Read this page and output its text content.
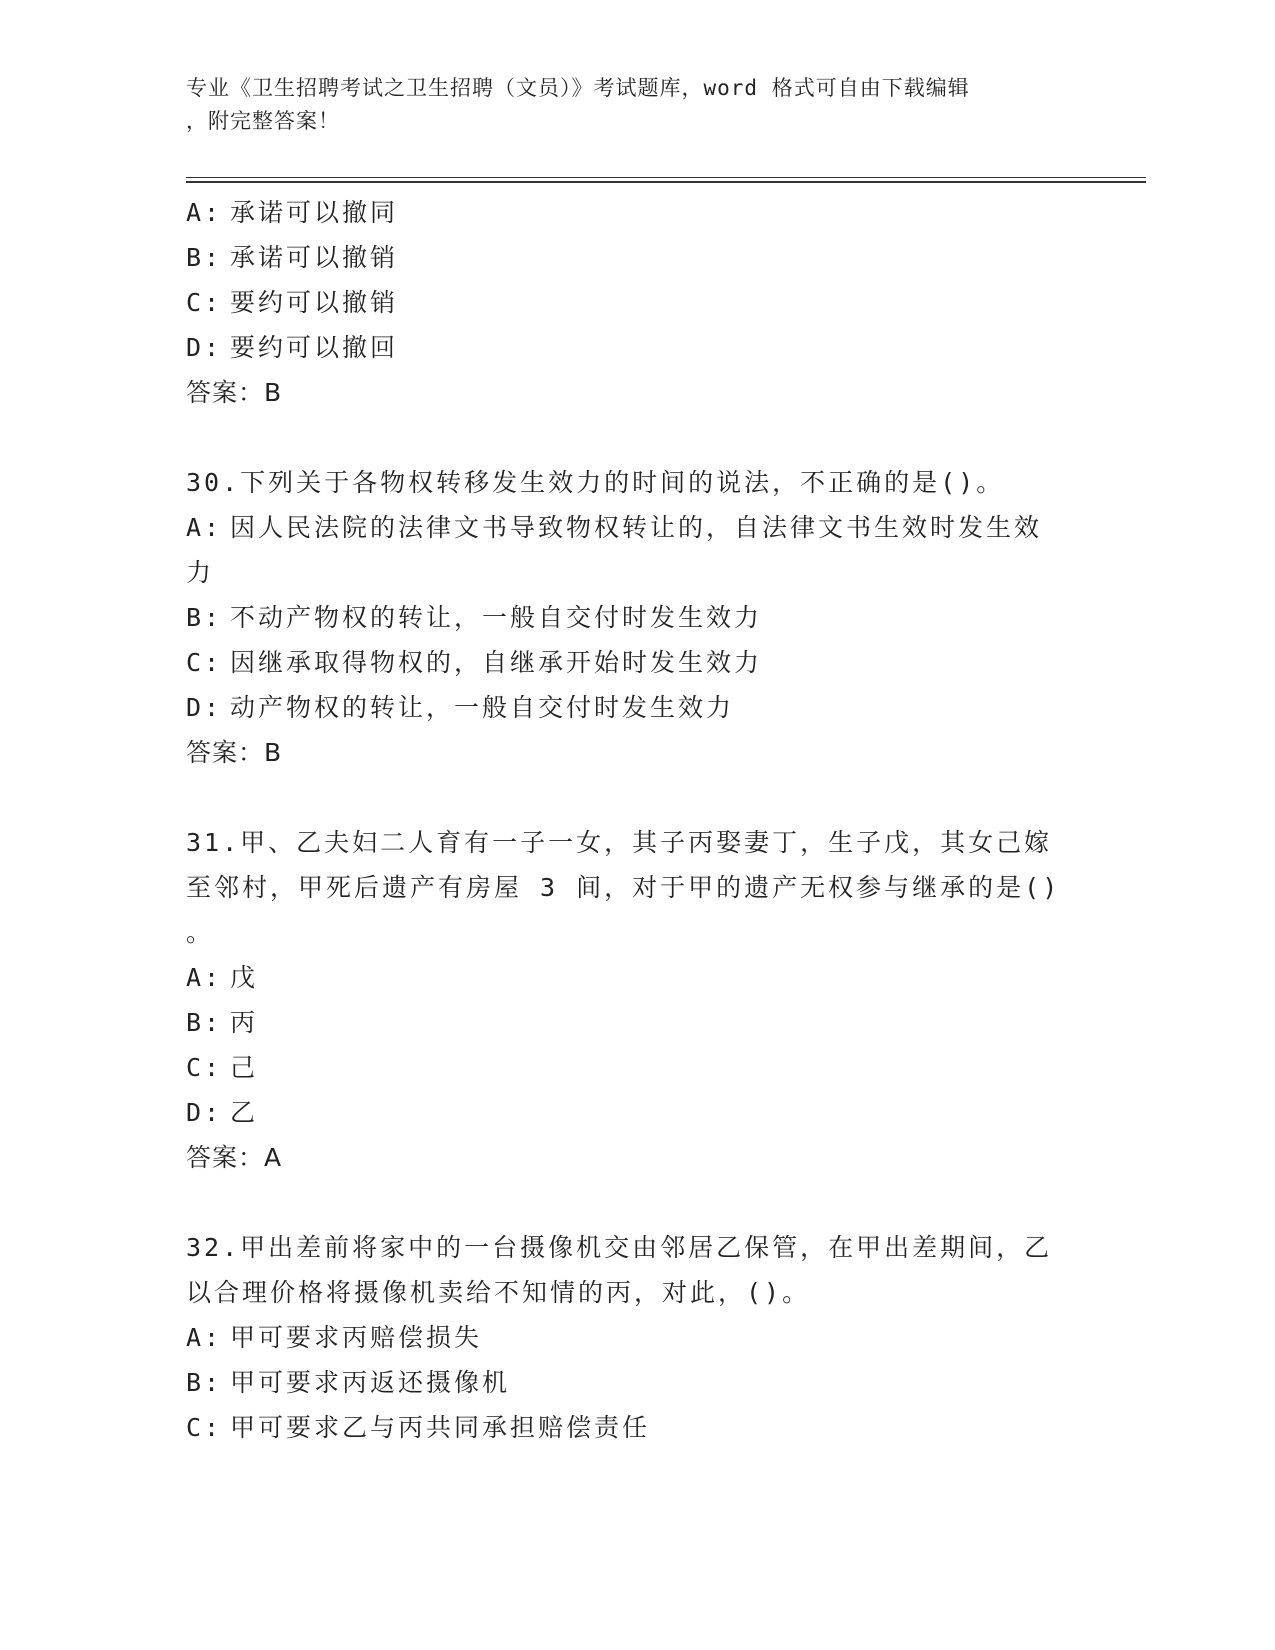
专业《卫生招聘考试之卫生招聘（文员）》考试题库，word 格式可自由下载编辑
，附完整答案！
A: 承诺可以撤同
B: 承诺可以撤销
C: 要约可以撤销
D: 要约可以撤回
答案：B
30.下列关于各物权转移发生效力的时间的说法，不正确的是()。
A: 因人民法院的法律文书导致物权转让的，自法律文书生效时发生效
力
B: 不动产物权的转让，一般自交付时发生效力
C: 因继承取得物权的，自继承开始时发生效力
D: 动产物权的转让，一般自交付时发生效力
答案：B
31.甲、乙夫妇二人育有一子一女，其子丙娶妻丁，生子戊，其女己嫁
至邻村，甲死后遗产有房屋 3 间，对于甲的遗产无权参与继承的是()
。
A: 戊
B: 丙
C: 己
D: 乙
答案：A
32.甲出差前将家中的一台摄像机交由邻居乙保管，在甲出差期间，乙
以合理价格将摄像机卖给不知情的丙，对此，()。
A: 甲可要求丙赔偿损失
B: 甲可要求丙返还摄像机
C: 甲可要求乙与丙共同承担赔偿责任
